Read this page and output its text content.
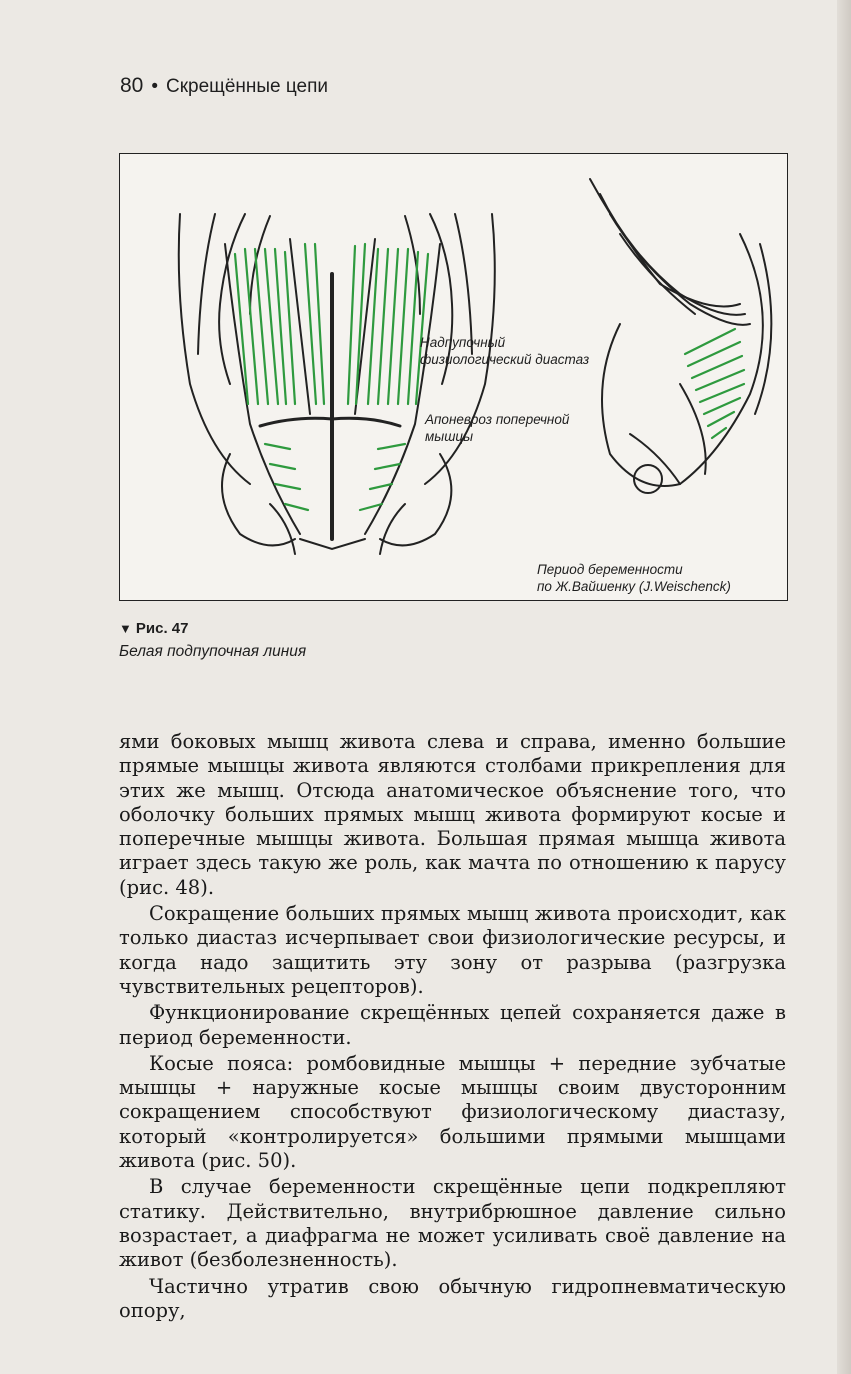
80 • Скрещённые цепи
Надпупочный
физиологический диастаз
Апоневроз поперечной
мышцы
Период беременности
по Ж.Вайшенку (J.Weischenck)
▼ Рис. 47
Белая подпупочная линия

ями боковых мышц живота слева и справа, именно большие прямые мышцы живота являются столбами прикрепления для этих же мышц. Отсюда анатомическое объяснение того, что оболочку больших прямых мышц живота формируют косые и поперечные мышцы живота. Большая прямая мышца живота играет здесь такую же роль, как мачта по отношению к парусу (рис. 48).

Сокращение больших прямых мышц живота происходит, как только диастаз исчерпывает свои физиологические ресурсы, и когда надо защитить эту зону от разрыва (разгрузка чувствительных рецепторов).

Функционирование скрещённых цепей сохраняется даже в период беременности.

Косые пояса: ромбовидные мышцы + передние зубчатые мышцы + наружные косые мышцы своим двусторонним сокращением способствуют физиологическому диастазу, который «контролируется» большими прямыми мышцами живота (рис. 50).

В случае беременности скрещённые цепи подкрепляют статику. Действительно, внутрибрюшное давление сильно возрастает, а диафрагма не может усиливать своё давление на живот (безболезненность).

Частично утратив свою обычную гидропневматическую опору,
